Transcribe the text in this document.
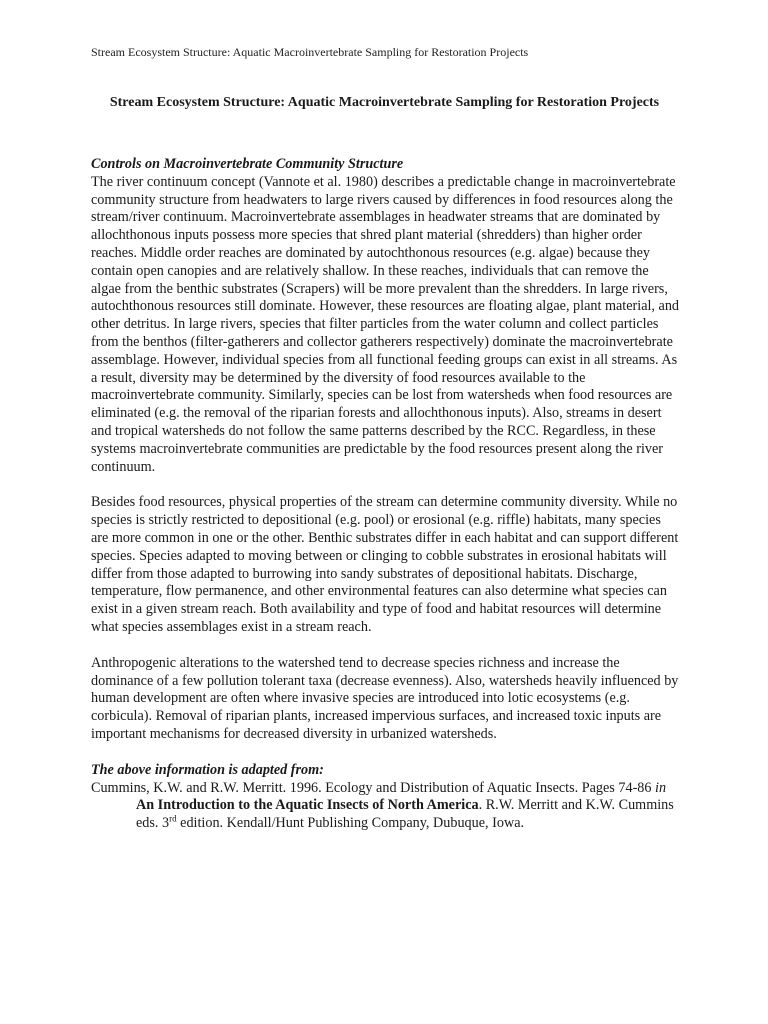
Stream Ecosystem Structure: Aquatic Macroinvertebrate Sampling for Restoration Projects
Stream Ecosystem Structure: Aquatic Macroinvertebrate Sampling for Restoration Projects

Controls on Macroinvertebrate Community Structure

The river continuum concept (Vannote et al. 1980) describes a predictable change in macroinvertebrate community structure from headwaters to large rivers caused by differences in food resources along the stream/river continuum. Macroinvertebrate assemblages in headwater streams that are dominated by allochthonous inputs possess more species that shred plant material (shredders) than higher order reaches. Middle order reaches are dominated by autochthonous resources (e.g. algae) because they contain open canopies and are relatively shallow. In these reaches, individuals that can remove the algae from the benthic substrates (Scrapers) will be more prevalent than the shredders. In large rivers, autochthonous resources still dominate. However, these resources are floating algae, plant material, and other detritus. In large rivers, species that filter particles from the water column and collect particles from the benthos (filter-gatherers and collector gatherers respectively) dominate the macroinvertebrate assemblage. However, individual species from all functional feeding groups can exist in all streams. As a result, diversity may be determined by the diversity of food resources available to the macroinvertebrate community. Similarly, species can be lost from watersheds when food resources are eliminated (e.g. the removal of the riparian forests and allochthonous inputs). Also, streams in desert and tropical watersheds do not follow the same patterns described by the RCC. Regardless, in these systems macroinvertebrate communities are predictable by the food resources present along the river continuum.

Besides food resources, physical properties of the stream can determine community diversity. While no species is strictly restricted to depositional (e.g. pool) or erosional (e.g. riffle) habitats, many species are more common in one or the other. Benthic substrates differ in each habitat and can support different species. Species adapted to moving between or clinging to cobble substrates in erosional habitats will differ from those adapted to burrowing into sandy substrates of depositional habitats. Discharge, temperature, flow permanence, and other environmental features can also determine what species can exist in a given stream reach. Both availability and type of food and habitat resources will determine what species assemblages exist in a stream reach.

Anthropogenic alterations to the watershed tend to decrease species richness and increase the dominance of a few pollution tolerant taxa (decrease evenness). Also, watersheds heavily influenced by human development are often where invasive species are introduced into lotic ecosystems (e.g. corbicula). Removal of riparian plants, increased impervious surfaces, and increased toxic inputs are important mechanisms for decreased diversity in urbanized watersheds.

The above information is adapted from:

Cummins, K.W. and R.W. Merritt. 1996. Ecology and Distribution of Aquatic Insects. Pages 74-86 in An Introduction to the Aquatic Insects of North America. R.W. Merritt and K.W. Cummins eds. 3rd edition. Kendall/Hunt Publishing Company, Dubuque, Iowa.
